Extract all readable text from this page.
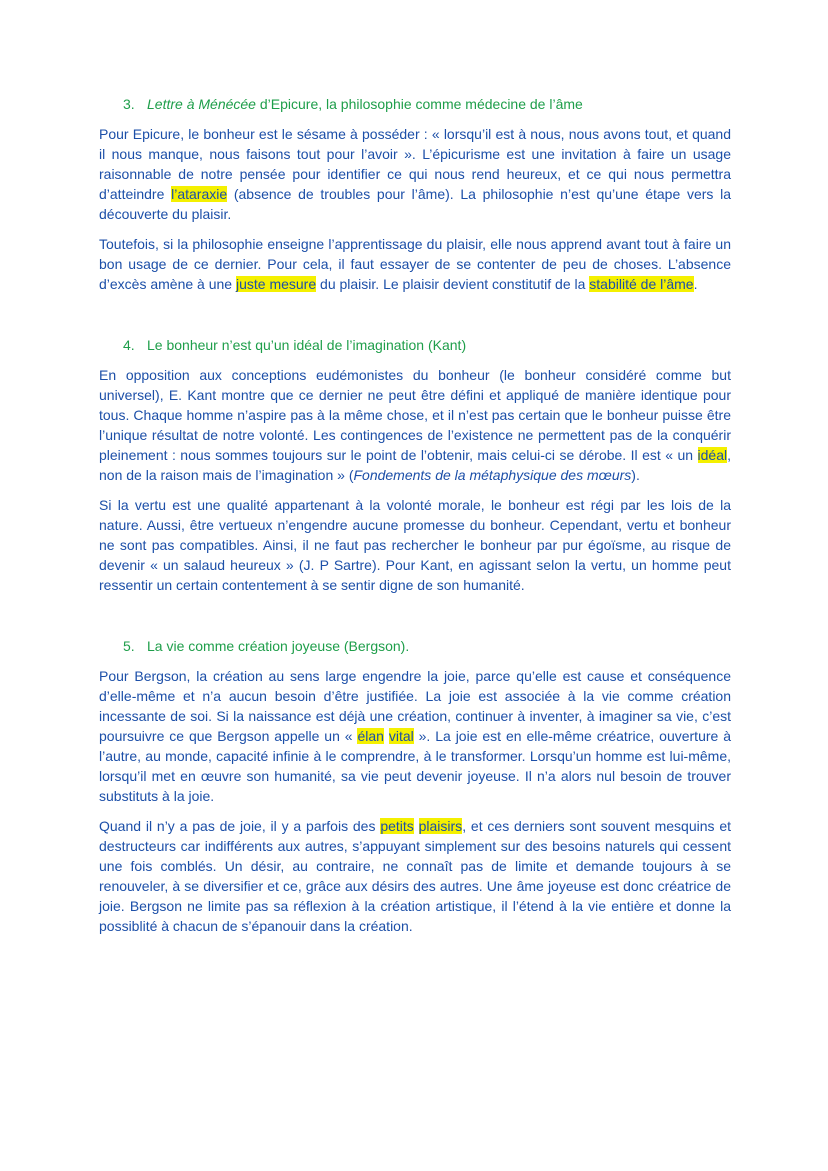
3. Lettre à Ménécée d’Epicure, la philosophie comme médecine de l’âme

Pour Epicure, le bonheur est le sésame à posséder : « lorsqu’il est à nous, nous avons tout, et quand il nous manque, nous faisons tout pour l’avoir ». L’épicurisme est une invitation à faire un usage raisonnable de notre pensée pour identifier ce qui nous rend heureux, et ce qui nous permettra d’atteindre l’ataraxie (absence de troubles pour l’âme). La philosophie n’est qu’une étape vers la découverte du plaisir.

Toutefois, si la philosophie enseigne l’apprentissage du plaisir, elle nous apprend avant tout à faire un bon usage de ce dernier. Pour cela, il faut essayer de se contenter de peu de choses. L’absence d’excès amène à une juste mesure du plaisir. Le plaisir devient constitutif de la stabilité de l’âme.

4. Le bonheur n’est qu’un idéal de l’imagination (Kant)

En opposition aux conceptions eudémonistes du bonheur (le bonheur considéré comme but universel), E. Kant montre que ce dernier ne peut être défini et appliqué de manière identique pour tous. Chaque homme n’aspire pas à la même chose, et il n’est pas certain que le bonheur puisse être l’unique résultat de notre volonté. Les contingences de l’existence ne permettent pas de la conquérir pleinement : nous sommes toujours sur le point de l’obtenir, mais celui-ci se dérobe. Il est « un idéal, non de la raison mais de l’imagination » (Fondements de la métaphysique des mœurs).

Si la vertu est une qualité appartenant à la volonté morale, le bonheur est régi par les lois de la nature. Aussi, être vertueux n’engendre aucune promesse du bonheur. Cependant, vertu et bonheur ne sont pas compatibles. Ainsi, il ne faut pas rechercher le bonheur par pur égoïsme, au risque de devenir « un salaud heureux » (J. P Sartre). Pour Kant, en agissant selon la vertu, un homme peut ressentir un certain contentement à se sentir digne de son humanité.

5. La vie comme création joyeuse (Bergson).

Pour Bergson, la création au sens large engendre la joie, parce qu’elle est cause et conséquence d’elle-même et n’a aucun besoin d’être justifiée. La joie est associée à la vie comme création incessante de soi. Si la naissance est déjà une création, continuer à inventer, à imaginer sa vie, c’est poursuivre ce que Bergson appelle un « élan vital ». La joie est en elle-même créatrice, ouverture à l’autre, au monde, capacité infinie à le comprendre, à le transformer. Lorsqu’un homme est lui-même, lorsqu’il met en œuvre son humanité, sa vie peut devenir joyeuse. Il n’a alors nul besoin de trouver substituts à la joie.

Quand il n’y a pas de joie, il y a parfois des petits plaisirs, et ces derniers sont souvent mesquins et destructeurs car indifférents aux autres, s’appuyant simplement sur des besoins naturels qui cessent une fois comblés. Un désir, au contraire, ne connaît pas de limite et demande toujours à se renouveler, à se diversifier et ce, grâce aux désirs des autres. Une âme joyeuse est donc créatrice de joie. Bergson ne limite pas sa réflexion à la création artistique, il l’étend à la vie entière et donne la possiblité à chacun de s’épanouir dans la création.
